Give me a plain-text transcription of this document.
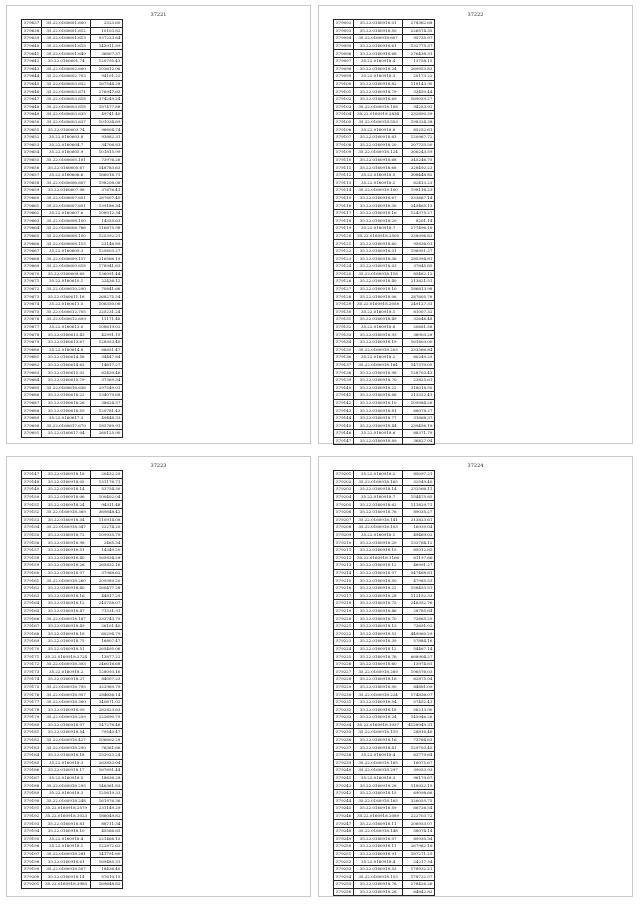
37221
579637	35.22.0160601.600	2523.60
579638	35.22.0160601.612	10103.82
579639	35.22.0160601.613	537223.64
579640	35.22.0160601.615	143911.89
579641	35.22.0160601.649	36807.37
579642	35.22.0160601.74	120795.43
579643	35.22.0160602.600	103612.06
579644	35.22.0160602.703	94101.22
579645	35.22.0160603.652	167544.28
579646	35.22.0160603.671	276947.63
579647	35.22.0160603.618	374249.24
579648	35.22.0160603.618	187477.88
579649	35.22.0160603.635	49741.40
579650	35.22.0160603.637	101034.69
579651	35.22.0160603.74	96604.74
579652	35.22.0160603.8	93882.31
579653	35.22.0160604.7	34706.83
579654	35.22.0160605.9	101815.99
579655	35.22.0160605.101	73976.26
579656	35.22.0160605.67	148783.63
579657	35.22.0160606.6	166016.71
579658	35.22.0160606.607	198208.06
579659	35.22.0160607.98	37676.41
579660	35.22.0160607.651	287607.40
579661	35.22.0160607.651	139186.34
579662	35.22.0160607.6	108912.34
579663	35.22.0160608.100	14355.63
579664	35.22.0160608.766	116875.98
579665	35.22.0160608.100	125392.21
579666	35.22.0160608.115	23146.89
579667	35.22.0160609.3	125603.27
579668	35.22.0160609.117	216566.19
579669	35.22.0160609.618	178941.63
579670	35.22.0160609.69	136091.44
579671	35.22.0160610.1	22436.12
579672	35.22.0160610.290	70841.66
579673	35.22.0160611.18	268275.54
579674	35.22.0160611.5	106350.06
579675	35.22.0160612.705	225231.24
579676	35.22.0160612.609	11171.46
579677	35.22.0160613.0	108619.02
579678	35.22.0160613.43	42991.15
579679	35.22.0160613.67	128953.40
579680	35.22.0160614.8	66651.47
579681	35.22.0160614.58	34447.84
579682	35.22.0160614.62	14617.27
579683	35.22.0160615.02	62439.46
579684	35.22.0160615.79	37369.34
579685	35.22.0160616.636	297549.01
579686	35.22.0160616.22	134079.68
579687	35.22.0160616.26	38624.37
579688	35.22.0160616.59	120781.43
579689	35.22.0160617.3	49448.33
579690	35.22.0160617.679	185789.91
579691	35.22.0160617.04	260125.90
37222
579092	35.22.0160918.01	278362.68
579093	35.22.0160918.50	226574.35
579094	35.22.0160918.607	95735.97
579095	35.22.0160918.61	132775.37
579096	35.22.0160918.68	276438.31
579097	35.22.0160918.4	13758.15
579098	35.22.0160918.24	269953.83
579099	35.22.0160918.3	20173.22
579100	35.22.0160918.82	118143.90
579101	35.22.0160918.79	33450.44
579102	35.22.0160918.69	169059.27
579103	35.22.0160918.108	94253.92
579104	35.22.0160918.2834	232890.39
579105	35.22.0160918.553	198324.38
579106	35.22.0160918.6	65252.61
579107	35.22.0160918.83	120967.72
579108	35.22.0160918.20	207733.50
579109	35.22.0160918.124	306243.59
579110	35.22.0160918.68	345246.75
579111	35.22.0160918.68	328492.23
579112	35.22.0160918.5	308448.82
579113	35.22.0160918.2	62413.23
579114	35.22.0160918.100	198116.23
579115	35.22.0160918.67	333667.14
579116	35.22.0160918.30	245465.13
579117	35.22.0160918.16	124375.27
579118	35.22.0160918.20	8201.14
579119	35.22.0160918.7	277496.16
579120	35.22.0160918.2505	338096.82
579121	35.22.0160918.60	95836.01
579122	35.22.0160918.01	196951.27
579123	35.22.0160918.36	285394.81
579124	35.22.0160918.03	37645.85
579125	35.22.0160918.118	85462.12
579126	35.22.0160918.40	213821.51
579127	35.22.0160918.10	186813.98
579128	35.22.0160918.06	287605.78
579129	35.22.0160918.2058	249127.31
579130	35.22.0160918.1	81007.32
579131	35.22.0160918.49	32646.48
579132	35.22.0160918.8	20681.58
579133	35.22.0160918.93	36903.28
579134	35.22.0160918.19	161803.00
579135	35.22.0160918.205	233566.84
579136	35.22.0160918.2	60249.25
579137	35.22.0160918.164	147370.05
579138	35.22.0160918.98	128703.43
579139	35.22.0160918.70	23825.61
579140	35.22.0160918.22	318018.50
579141	35.22.0160918.66	213322.41
579142	35.22.0160918.10	109984.26
579143	35.22.0160918.81	68078.27
579144	35.22.0160918.77	31668.37
579145	35.22.0160918.44	239456.19
579146	35.22.0160918.6	88371.79
579147	35.22.0160918.89	36827.04
37223
579147	35.22.0160918.18	20432.25
579148	35.22.0160918.05	131176.71
579149	35.22.0160918.14	53754.30
579150	35.22.0160918.06	100402.04
579151	35.22.0160918.24	94311.48
579152	35.22.0160918.369	369848.42
579153	35.22.0160918.34	110914.08
579154	35.22.0160918.347	22274.20
579155	35.22.0160918.72	109935.79
579156	35.22.0160918.98	2465.34
579157	35.22.0160918.51	14349.20
579158	35.22.0160918.40	165834.28
579159	35.22.0160918.26	265832.16
579160	35.22.0160918.07	37968.62
579161	35.22.0160918.260	209389.20
579162	35.22.0160918.40	160477.28
579163	35.22.0160918.16	44817.29
579164	35.22.0160918.12	245758.07
579165	35.22.0160918.47	71531.31
579166	35.22.0160918.167	233743.79
579167	35.22.0160918.49	26101.40
579168	35.22.0160918.18	60294.79
579169	35.22.0160918.75	16807.47
579170	35.22.0160918.51	265495.06
579171	35.22.0160918.2724	13877.22
579172	35.22.0160918.303	246016.68
579173	35.22.0160918.2	128093.16
579174	35.22.0160918.27	84007.23
579175	35.22.0160918.795	322969.79
579176	35.22.0160918.957	284636.14
579177	35.22.0160918.300	340671.02
579178	35.22.0160918.09	282823.63
579179	35.22.0160918.259	222690.79
579180	35.22.0160918.07	147276.46
579181	35.22.0160918.54	79540.47
579182	35.22.0160918.427	106602.28
579183	35.22.0160918.290	76361.66
579184	35.22.0160918.18	152023.24
579185	35.22.0160918.3	263833.04
579186	35.22.0160918.17	167691.44
579187	35.22.0160918.5	18636.28
579188	35.22.0160918.295	146361.83
579189	35.22.0160918.3	125619.33
579190	35.22.0160918.248	161976.36
579191	35.22.0160918.2579	231149.29
579192	35.22.0160918.1023	186049.82
579193	35.22.0160918.81	88711.34
579194	35.22.0160918.10	45566.65
579195	35.22.0160918.4	221466.13
579196	35.22.0160918.1	122872.62
579197	35.22.0160918.281	141791.60
579198	35.22.0160918.61	169485.31
579199	35.22.0160918.507	18436.40
579200	35.22.0160918.14	57610.15
579201	35.22.0160918.3983	169648.82
37224
579201	35.22.0160918.2	85097.21
579202	35.22.0160918.165	32549.40
579203	35.22.0160918.14	232566.11
579204	35.22.0160918.7	154475.85
579205	35.22.0160918.62	111829.71
579206	35.22.0160918.76	89035.27
579207	35.22.0160918.141	213823.61
579208	35.22.0160918.103	16939.04
579209	35.22.0160918.1	49469.02
579210	35.22.0160918.20	133764.12
579211	35.22.0160918.15	85012.85
579212	35.22.0160918.1166	61197.66
579213	35.22.0160918.12	46991.27
579214	35.22.0160918.07	547468.81
579215	35.22.0160918.50	47985.53
579216	35.22.0160918.22	156453.51
579217	35.22.0160918.28	112152.33
579218	35.22.0160918.75	246352.76
579219	35.22.0160918.46	28785.64
579220	35.22.0160918.70	72665.29
579221	35.22.0160918.13	73691.02
579222	35.22.0160918.52	449960.29
579223	35.22.0160918.39	57884.16
579224	35.22.0160918.12	54467.14
579225	35.22.0160918.76	668904.27
579226	35.22.0160918.60	13974.81
579227	35.22.0160918.289	196576.03
579228	35.22.0160918.16	62875.04
579229	35.22.0160918.90	84881.09
579230	35.22.0160918.224	174836.07
579231	35.22.0160918.54	57452.41
579232	35.22.0160918.18	56213.90
579233	35.22.0160918.24	145946.26
579234	35.22.0160918.1057	4128949.31
579235	35.22.0160918.119	28816.46
579236	35.22.0160918.16	73764.63
579237	35.22.0160918.41	129703.45
579238	35.22.0160918.4	63779.64
579239	35.22.0160918.165	16075.67
579240	35.22.0160918.297	39053.93
579241	35.22.0160918.3	96179.67
579242	35.22.0160918.28	118922.15
579243	35.22.0160918.15	69098.66
579244	35.22.0160918.165	326055.75
579245	35.22.0160918.59	66726.54
579246	35.22.0160918.2089	222703.72
579247	35.22.0160918.11	206953.07
579248	35.22.0160918.148	58074.14
579249	35.22.0160918.07	89930.34
579250	35.22.0160918.11	267962.16
579251	35.22.0160918.91	187271.25
579252	35.22.0160918.4	24217.34
579253	35.22.0160918.53	178932.21
579254	35.22.0160918.153	178722.57
579255	35.22.0160918.76	278426.26
579256	35.22.0160918.26	64842.82
